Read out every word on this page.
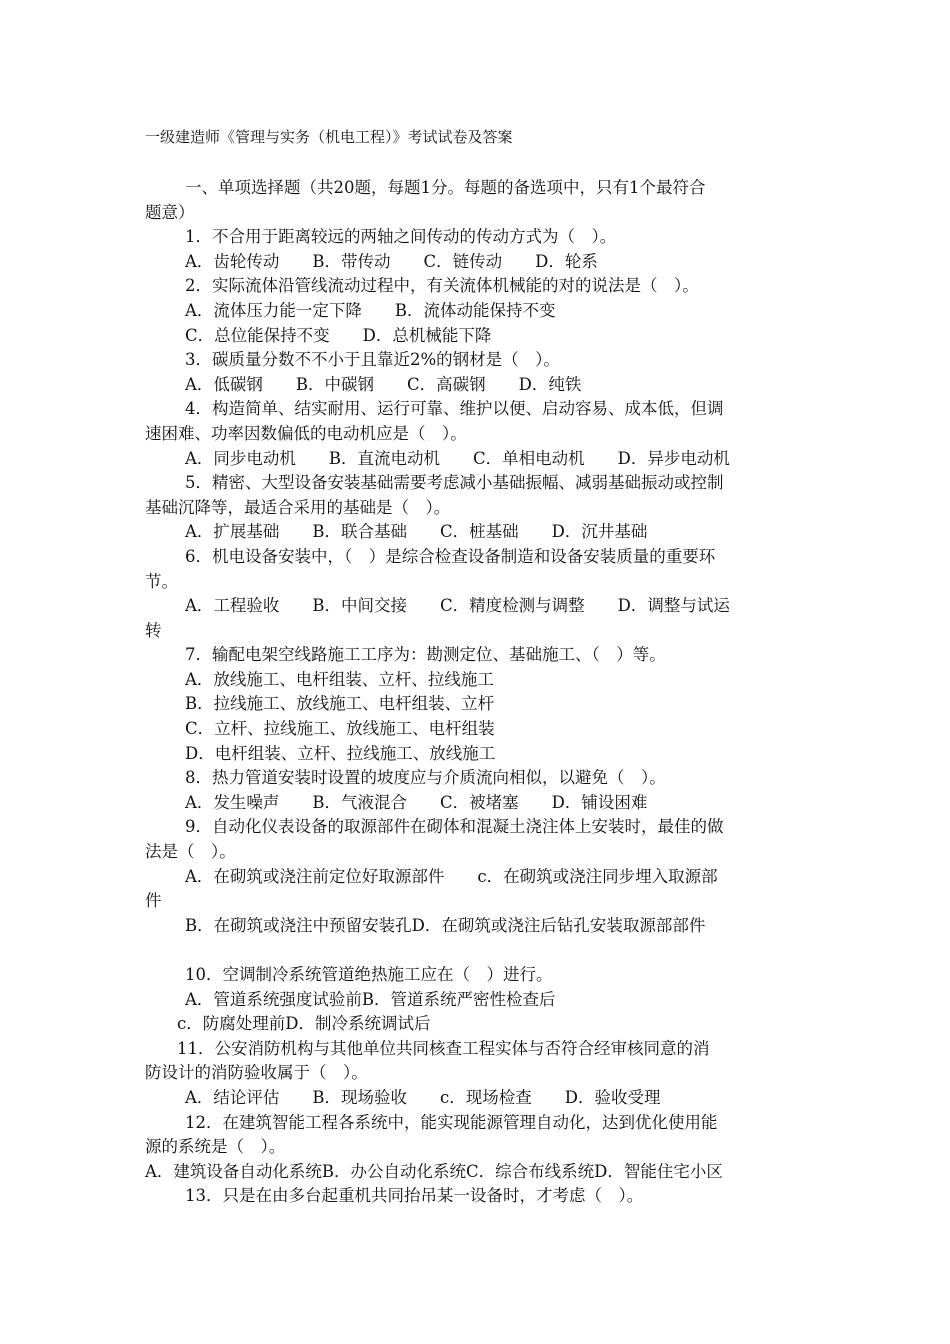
一级建造师《管理与实务（机电工程）》考试试卷及答案
一、单项选择题（共20题，每题1分。每题的备选项中，只有1个最符合
题意）
1．不合用于距离较远的两轴之间传动的传动方式为（　）。
A．齿轮传动　　B．带传动　　C．链传动　　D．轮系
2．实际流体沿管线流动过程中，有关流体机械能的对的说法是（　）。
A．流体压力能一定下降　　B．流体动能保持不变
C．总位能保持不变　　D．总机械能下降
3．碳质量分数不不小于且靠近2%的钢材是（　）。
A．低碳钢　　B．中碳钢　　C．高碳钢　　D．纯铁
4．构造简单、结实耐用、运行可靠、维护以便、启动容易、成本低，但调
速困难、功率因数偏低的电动机应是（　）。
A．同步电动机　　B．直流电动机　　C．单相电动机　　D．异步电动机
5．精密、大型设备安装基础需要考虑减小基础振幅、减弱基础振动或控制
基础沉降等，最适合采用的基础是（　）。
A．扩展基础　　B．联合基础　　C．桩基础　　D．沉井基础
6．机电设备安装中，（　）是综合检查设备制造和设备安装质量的重要环
节。
A．工程验收　　B．中间交接　　C．精度检测与调整　　D．调整与试运
转
7．输配电架空线路施工工序为：勘测定位、基础施工、（　）等。
A．放线施工、电杆组装、立杆、拉线施工
B．拉线施工、放线施工、电杆组装、立杆
C．立杆、拉线施工、放线施工、电杆组装
D．电杆组装、立杆、拉线施工、放线施工
8．热力管道安装时设置的坡度应与介质流向相似，以避免（　）。
A．发生噪声　　B．气液混合　　C．被堵塞　　D．铺设困难
9．自动化仪表设备的取源部件在砌体和混凝土浇注体上安装时，最佳的做
法是（　）。
A．在砌筑或浇注前定位好取源部件　　c．在砌筑或浇注同步埋入取源部
件
B．在砌筑或浇注中预留安装孔D．在砌筑或浇注后钻孔安装取源部部件
10．空调制冷系统管道绝热施工应在（　）进行。
A．管道系统强度试验前B．管道系统严密性检查后
c．防腐处理前D．制冷系统调试后
11．公安消防机构与其他单位共同核查工程实体与否符合经审核同意的消
防设计的消防验收属于（　）。
A．结论评估　　B．现场验收　　c．现场检查　　D．验收受理
12．在建筑智能工程各系统中，能实现能源管理自动化，达到优化使用能
源的系统是（　）。
A．建筑设备自动化系统B．办公自动化系统C．综合布线系统D．智能住宅小区
13．只是在由多台起重机共同抬吊某一设备时，才考虑（　）。
